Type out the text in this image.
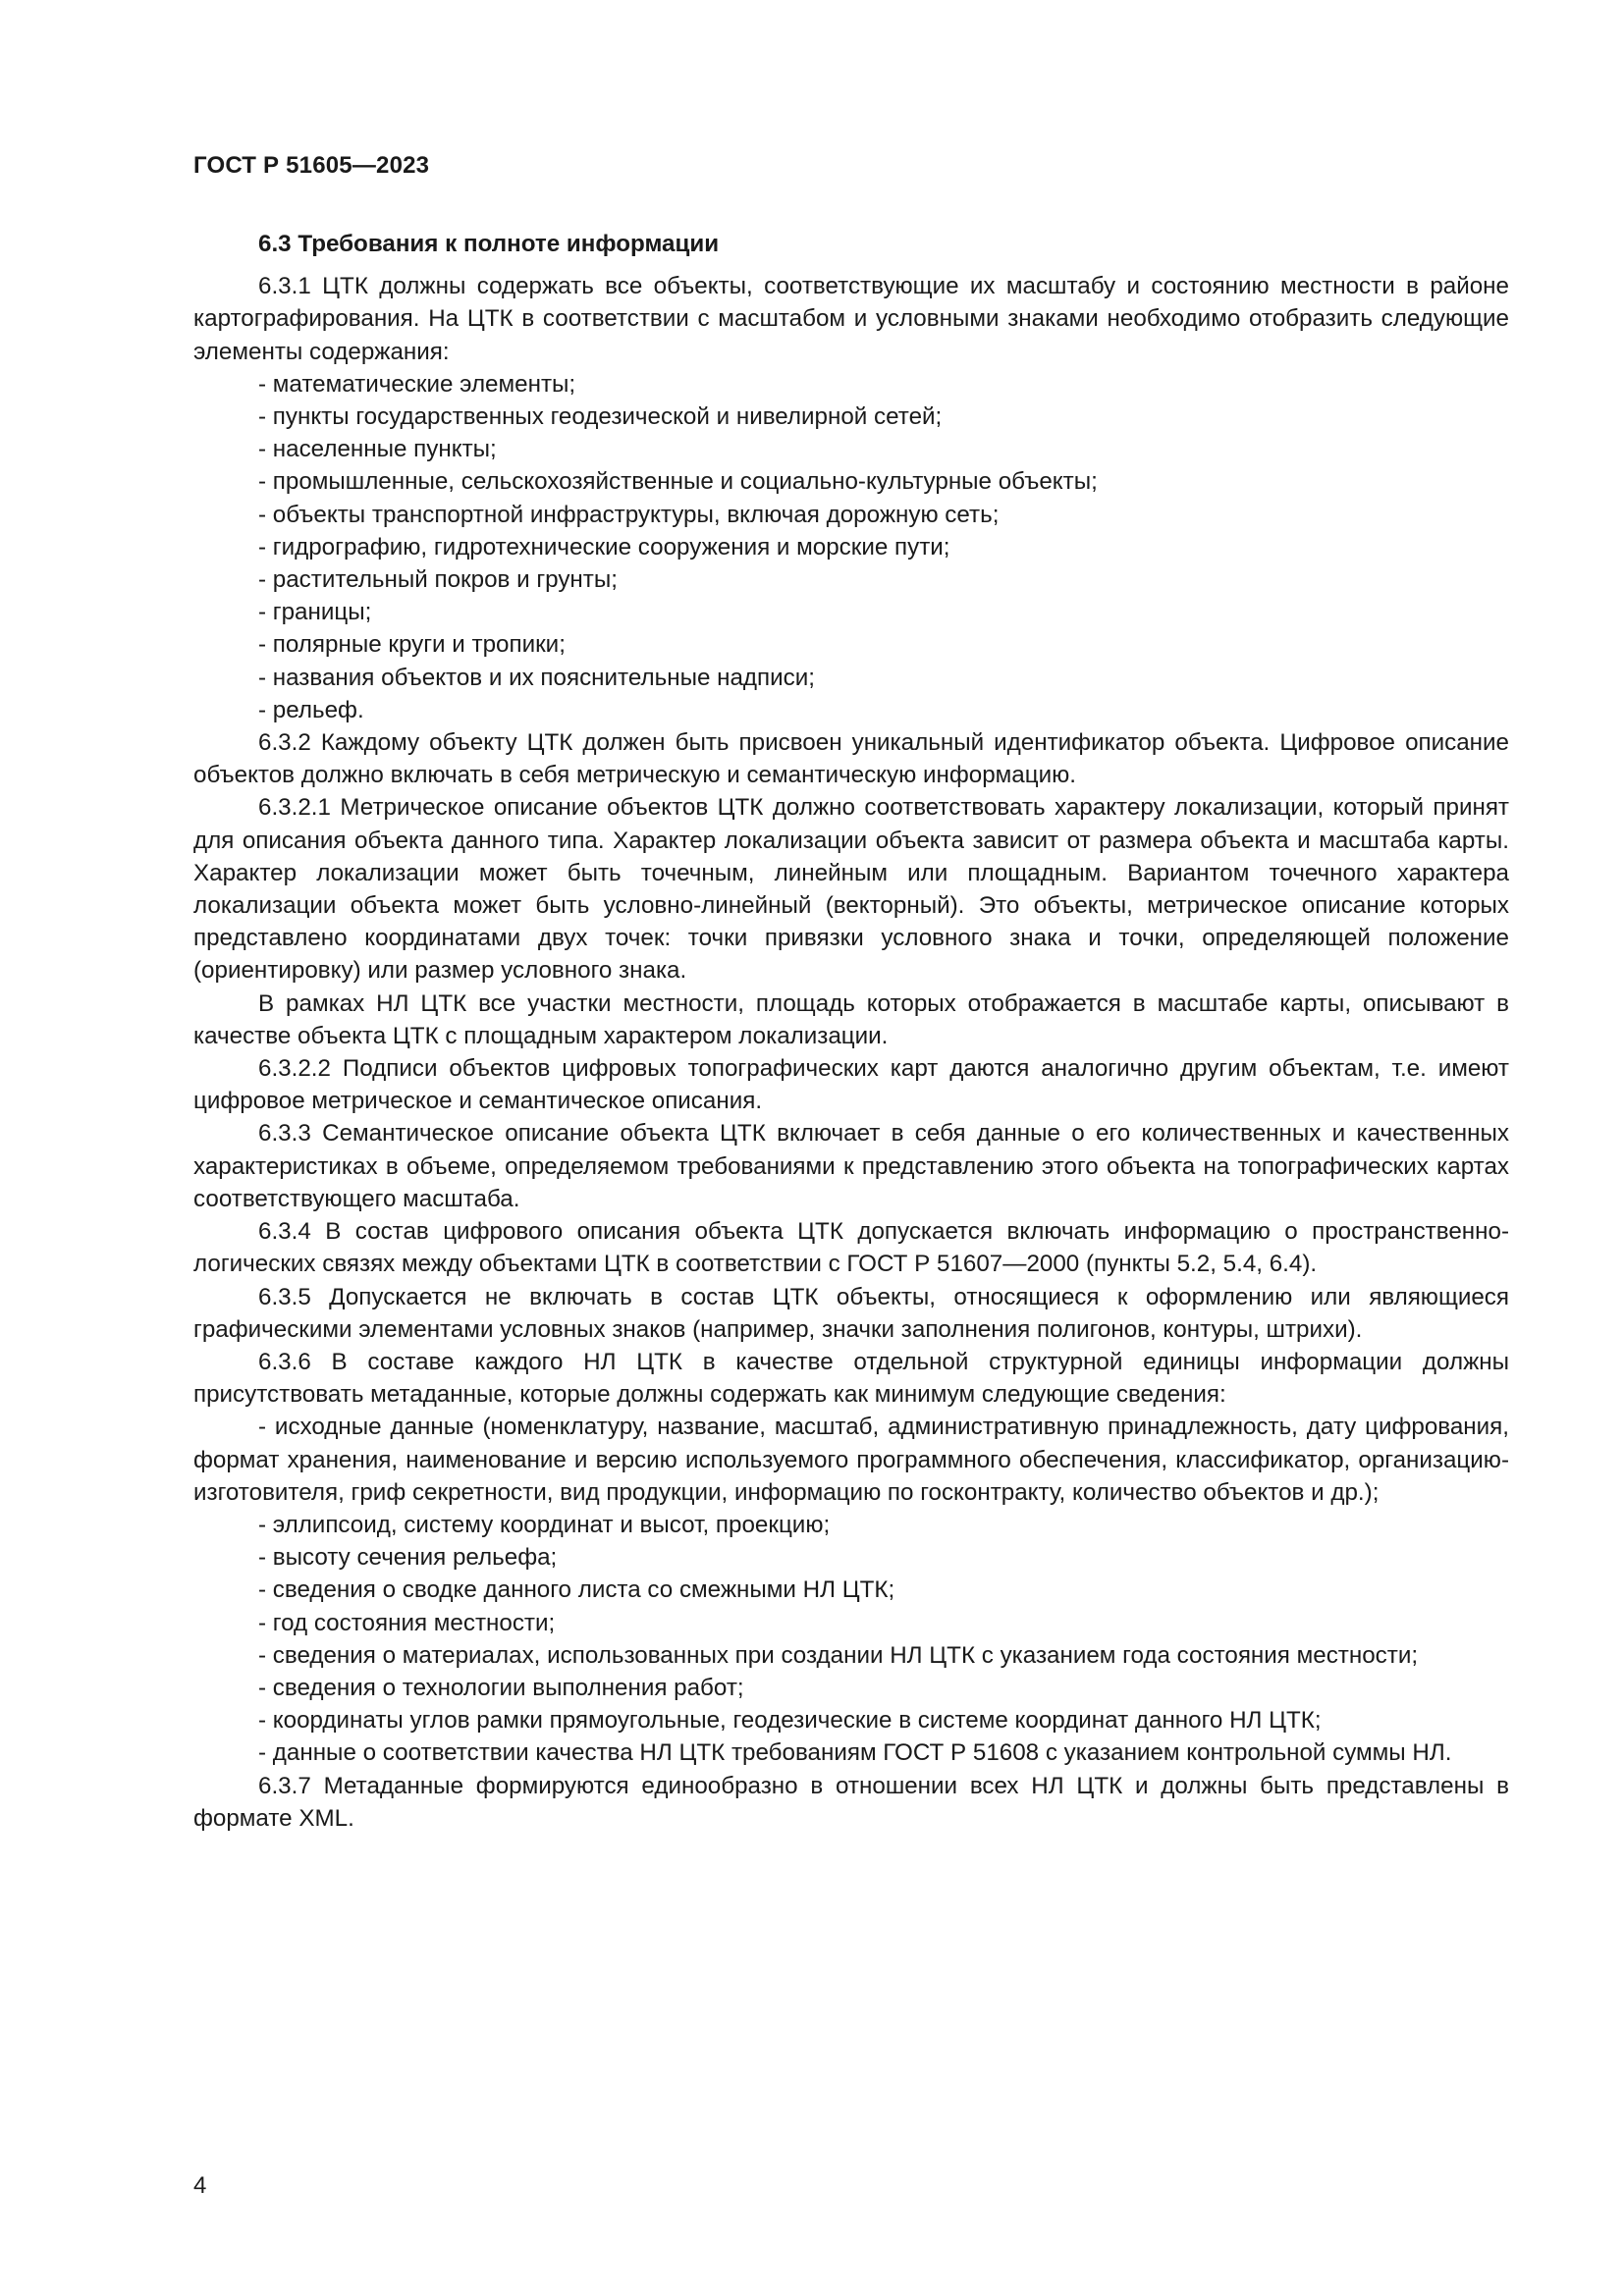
ГОСТ Р 51605—2023

6.3 Требования к полноте информации

6.3.1 ЦТК должны содержать все объекты, соответствующие их масштабу и состоянию местности в районе картографирования. На ЦТК в соответствии с масштабом и условными знаками необходимо отобразить следующие элементы содержания:

- математические элементы;

- пункты государственных геодезической и нивелирной сетей;

- населенные пункты;

- промышленные, сельскохозяйственные и социально-культурные объекты;

- объекты транспортной инфраструктуры, включая дорожную сеть;

- гидрографию, гидротехнические сооружения и морские пути;

- растительный покров и грунты;

- границы;

- полярные круги и тропики;

- названия объектов и их пояснительные надписи;

- рельеф.

6.3.2 Каждому объекту ЦТК должен быть присвоен уникальный идентификатор объекта. Цифровое описание объектов должно включать в себя метрическую и семантическую информацию.

6.3.2.1 Метрическое описание объектов ЦТК должно соответствовать характеру локализации, который принят для описания объекта данного типа. Характер локализации объекта зависит от размера объекта и масштаба карты. Характер локализации может быть точечным, линейным или площадным. Вариантом точечного характера локализации объекта может быть условно-линейный (векторный). Это объекты, метрическое описание которых представлено координатами двух точек: точки привязки условного знака и точки, определяющей положение (ориентировку) или размер условного знака.

В рамках НЛ ЦТК все участки местности, площадь которых отображается в масштабе карты, описывают в качестве объекта ЦТК с площадным характером локализации.

6.3.2.2 Подписи объектов цифровых топографических карт даются аналогично другим объектам, т.е. имеют цифровое метрическое и семантическое описания.

6.3.3 Семантическое описание объекта ЦТК включает в себя данные о его количественных и качественных характеристиках в объеме, определяемом требованиями к представлению этого объекта на топографических картах соответствующего масштаба.

6.3.4 В состав цифрового описания объекта ЦТК допускается включать информацию о пространственно-логических связях между объектами ЦТК в соответствии с ГОСТ Р 51607—2000 (пункты 5.2, 5.4, 6.4).

6.3.5 Допускается не включать в состав ЦТК объекты, относящиеся к оформлению или являющиеся графическими элементами условных знаков (например, значки заполнения полигонов, контуры, штрихи).

6.3.6 В составе каждого НЛ ЦТК в качестве отдельной структурной единицы информации должны присутствовать метаданные, которые должны содержать как минимум следующие сведения:

- исходные данные (номенклатуру, название, масштаб, административную принадлежность, дату цифрования, формат хранения, наименование и версию используемого программного обеспечения, классификатор, организацию-изготовителя, гриф секретности, вид продукции, информацию по госконтракту, количество объектов и др.);

- эллипсоид, систему координат и высот, проекцию;

- высоту сечения рельефа;

- сведения о сводке данного листа со смежными НЛ ЦТК;

- год состояния местности;

- сведения о материалах, использованных при создании НЛ ЦТК с указанием года состояния местности;

- сведения о технологии выполнения работ;

- координаты углов рамки прямоугольные, геодезические в системе координат данного НЛ ЦТК;

- данные о соответствии качества НЛ ЦТК требованиям ГОСТ Р 51608 с указанием контрольной суммы НЛ.

6.3.7 Метаданные формируются единообразно в отношении всех НЛ ЦТК и должны быть представлены в формате XML.

4
